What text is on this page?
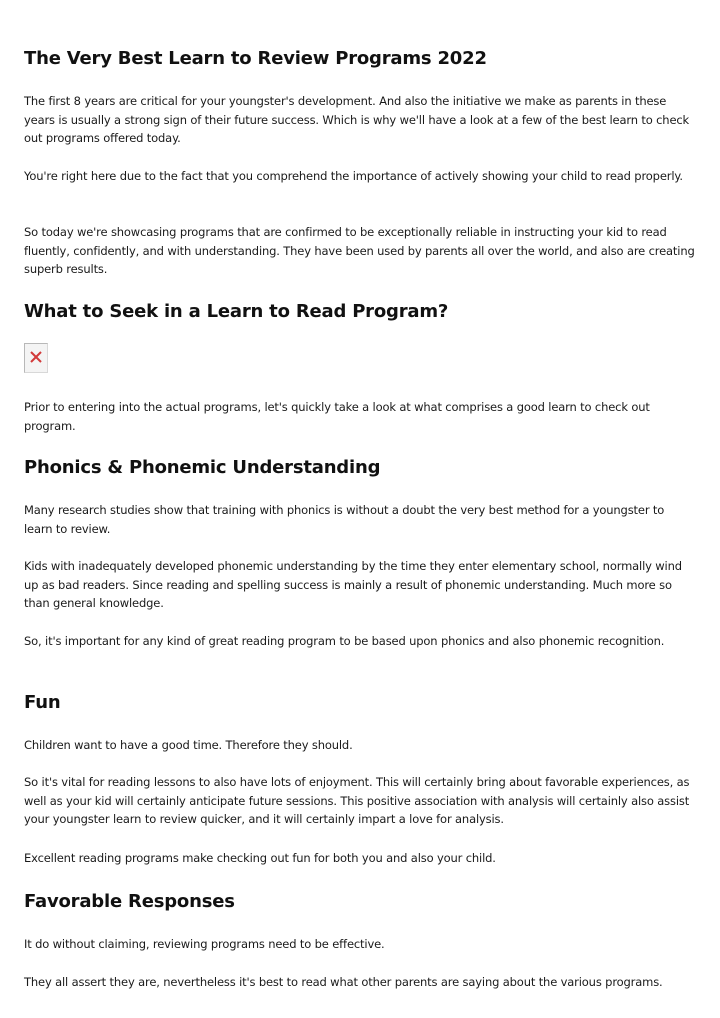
The Very Best Learn to Review Programs 2022

The first 8 years are critical for your youngster's development. And also the initiative we make as parents in these years is usually a strong sign of their future success. Which is why we'll have a look at a few of the best learn to check out programs offered today.

You're right here due to the fact that you comprehend the importance of actively showing your child to read properly.

So today we're showcasing programs that are confirmed to be exceptionally reliable in instructing your kid to read fluently, confidently, and with understanding. They have been used by parents all over the world, and also are creating superb results.

What to Seek in a Learn to Read Program?

Prior to entering into the actual programs, let's quickly take a look at what comprises a good learn to check out program.

Phonics & Phonemic Understanding

Many research studies show that training with phonics is without a doubt the very best method for a youngster to learn to review.

Kids with inadequately developed phonemic understanding by the time they enter elementary school, normally wind up as bad readers. Since reading and spelling success is mainly a result of phonemic understanding. Much more so than general knowledge.

So, it's important for any kind of great reading program to be based upon phonics and also phonemic recognition.

Fun

Children want to have a good time. Therefore they should.

So it's vital for reading lessons to also have lots of enjoyment. This will certainly bring about favorable experiences, as well as your kid will certainly anticipate future sessions. This positive association with analysis will certainly also assist your youngster learn to review quicker, and it will certainly impart a love for analysis.

Excellent reading programs make checking out fun for both you and also your child.

Favorable Responses

It do without claiming, reviewing programs need to be effective.

They all assert they are, nevertheless it's best to read what other parents are saying about the various programs.
